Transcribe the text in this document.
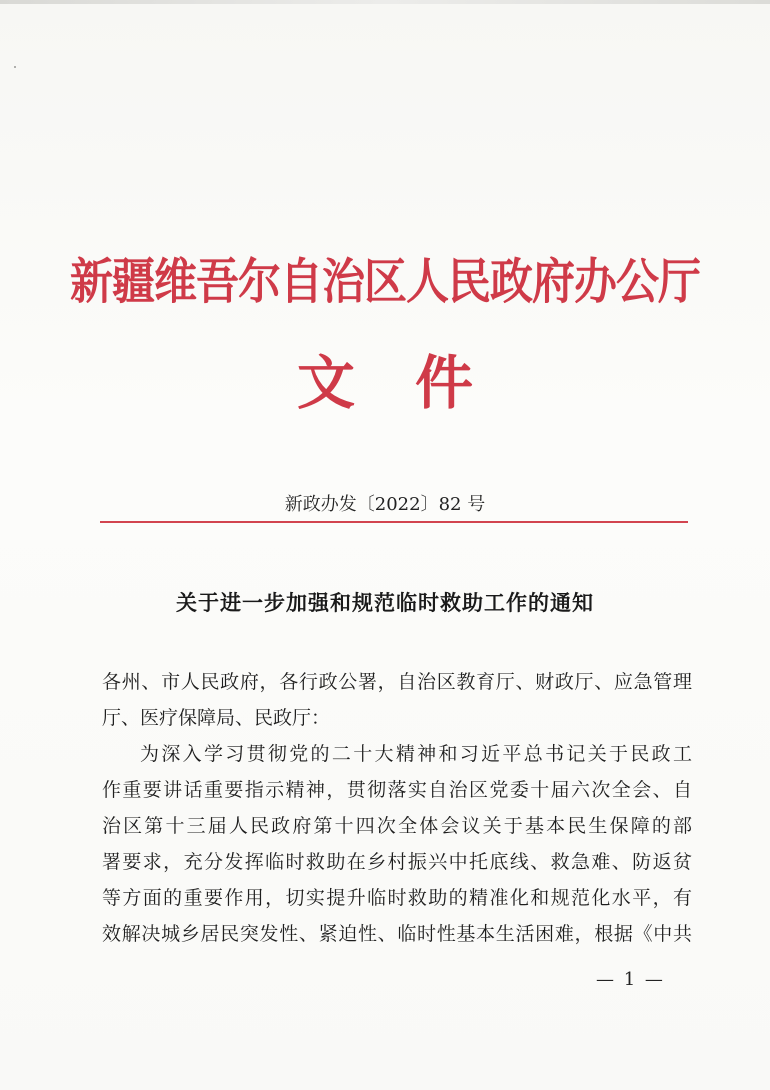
新疆维吾尔自治区人民政府办公厅
文件
新政办发〔2022〕82 号
关于进一步加强和规范临时救助工作的通知
各州、市人民政府，各行政公署，自治区教育厅、财政厅、应急管理
厅、医疗保障局、民政厅：
为深入学习贯彻党的二十大精神和习近平总书记关于民政工
作重要讲话重要指示精神，贯彻落实自治区党委十届六次全会、自
治区第十三届人民政府第十四次全体会议关于基本民生保障的部
署要求，充分发挥临时救助在乡村振兴中托底线、救急难、防返贫
等方面的重要作用，切实提升临时救助的精准化和规范化水平，有
效解决城乡居民突发性、紧迫性、临时性基本生活困难，根据《中共
— 1 —
